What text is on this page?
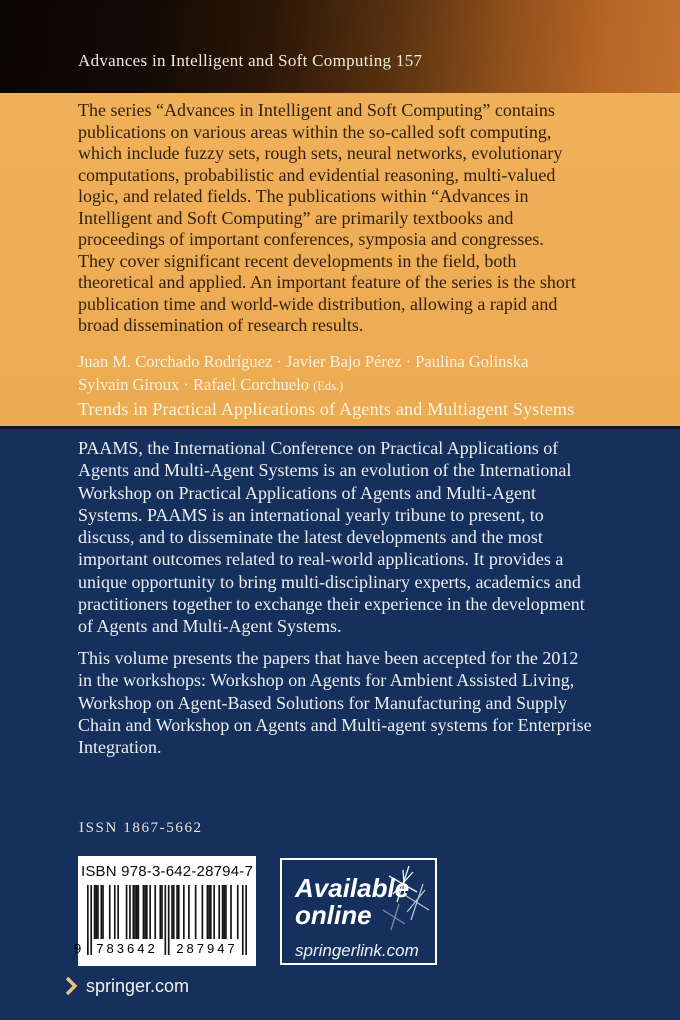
Advances in Intelligent and Soft Computing 157
The series “Advances in Intelligent and Soft Computing” contains publications on various areas within the so-called soft computing, which include fuzzy sets, rough sets, neural networks, evolutionary computations, probabilistic and evidential reasoning, multi-valued logic, and related fields. The publications within “Advances in Intelligent and Soft Computing” are primarily textbooks and proceedings of important conferences, symposia and congresses. They cover significant recent developments in the field, both theoretical and applied. An important feature of the series is the short publication time and world-wide distribution, allowing a rapid and broad dissemination of research results.
Juan M. Corchado Rodríguez · Javier Bajo Pérez · Paulina Golinska
Sylvain Giroux · Rafael Corchuelo (Eds.)
Trends in Practical Applications of Agents and Multiagent Systems
PAAMS, the International Conference on Practical Applications of Agents and Multi-Agent Systems is an evolution of the International Workshop on Practical Applications of Agents and Multi-Agent Systems. PAAMS is an international yearly tribune to present, to discuss, and to disseminate the latest developments and the most important outcomes related to real-world applications. It provides a unique opportunity to bring multi-disciplinary experts, academics and practitioners together to exchange their experience in the development of Agents and Multi-Agent Systems.
This volume presents the papers that have been accepted for the 2012 in the workshops: Workshop on Agents for Ambient Assisted Living, Workshop on Agent-Based Solutions for Manufacturing and Supply Chain and Workshop on Agents and Multi-agent systems for Enterprise Integration.
ISSN 1867-5662
ISBN 978-3-642-28794-7
9 783642 287947
Available
online
springerlink.com
springer.com
